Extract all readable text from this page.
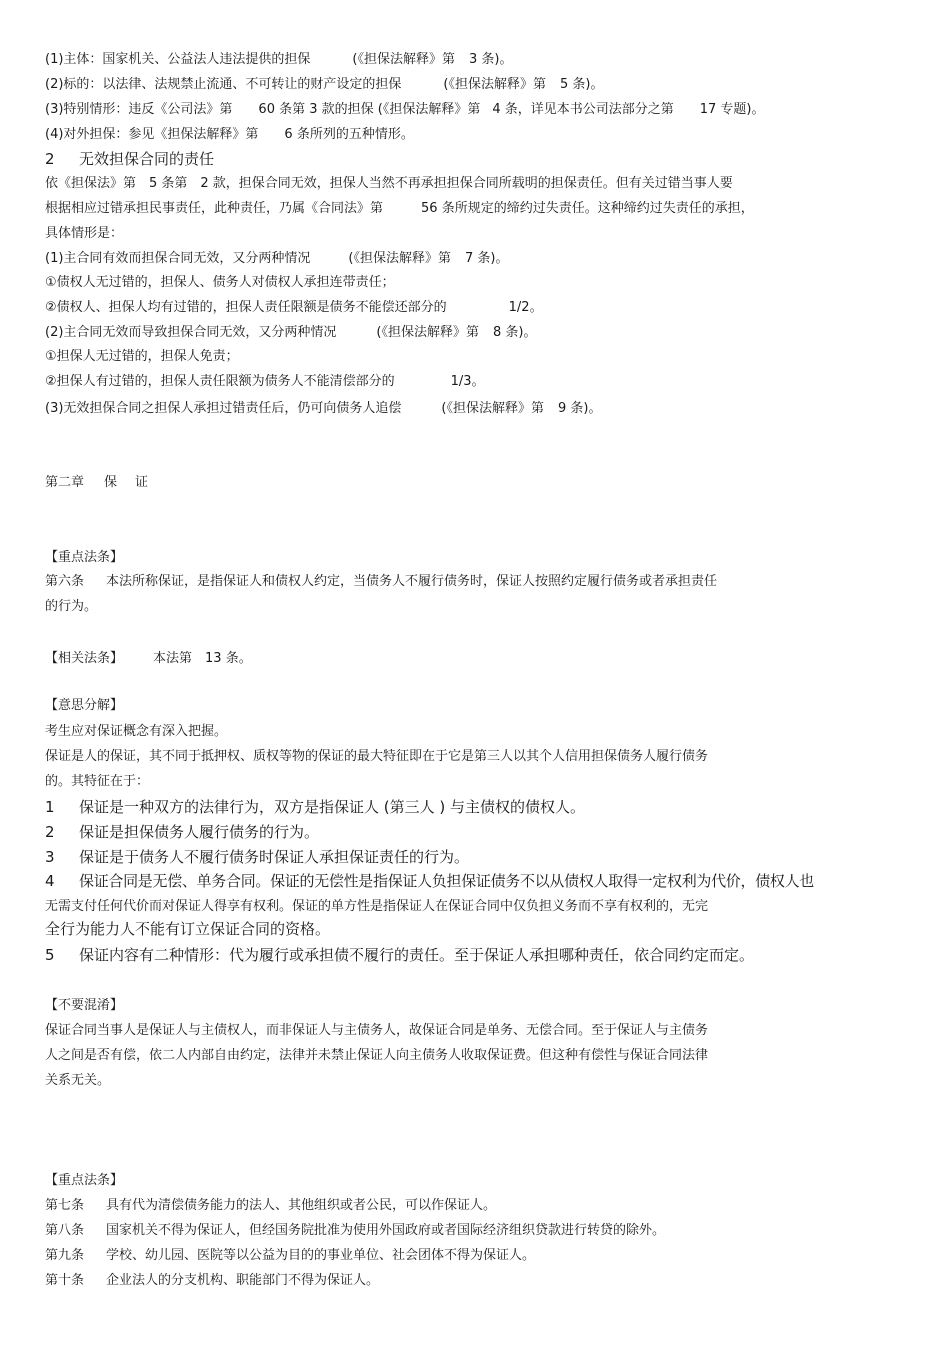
(1)主体：国家机关、公益法人违法提供的担保	(《担保法解释》第 3 条)。
(2)标的：以法律、法规禁止流通、不可转让的财产设定的担保	(《担保法解释》第 5 条)。
(3)特别情形：违反《公司法》第 60 条第 3 款的担保 (《担保法解释》第 4 条，详见本书公司法部分之第 17 专题)。
(4)对外担保：参见《担保法解释》第 6 条所列的五种情形。
2 无效担保合同的责任
依《担保法》第　5 条第　2 款，担保合同无效，担保人当然不再承担担保合同所载明的担保责任。但有关过错当事人要
根据相应过错承担民事责任，此种责任，乃属《合同法》第	56 条所规定的缔约过失责任。这种缔约过失责任的承担，
具体情形是：
(1)主合同有效而担保合同无效，又分两种情况	(《担保法解释》第 7 条)。
①债权人无过错的，担保人、债务人对债权人承担连带责任；
②债权人、担保人均有过错的，担保人责任限额是债务不能偿还部分的	1/2。
(2)主合同无效而导致担保合同无效，又分两种情况	(《担保法解释》第 8 条)。
①担保人无过错的，担保人免责；
②担保人有过错的，担保人责任限额为债务人不能清偿部分的	1/3。
(3)无效担保合同之担保人承担过错责任后，仍可向债务人追偿	(《担保法解释》第 9 条)。
第二章 保 证
【重点法条】
第六条 本法所称保证，是指保证人和债权人约定，当债务人不履行债务时，保证人按照约定履行债务或者承担责任
的行为。
【相关法条】 本法第　13 条。
【意思分解】
考生应对保证概念有深入把握。
保证是人的保证，其不同于抵押权、质权等物的保证的最大特征即在于它是第三人以其个人信用担保债务人履行债务
的。其特征在于：
1 保证是一种双方的法律行为，双方是指保证人 (第三人 ) 与主债权的债权人。
2 保证是担保债务人履行债务的行为。
3 保证是于债务人不履行债务时保证人承担保证责任的行为。
4 保证合同是无偿、单务合同。保证的无偿性是指保证人负担保证债务不以从债权人取得一定权利为代价，债权人也
无需支付任何代价而对保证人得享有权利。保证的单方性是指保证人在保证合同中仅负担义务而不享有权利的，无完
全行为能力人不能有订立保证合同的资格。
5 保证内容有二种情形：代为履行或承担债不履行的责任。至于保证人承担哪种责任，依合同约定而定。
【不要混淆】
保证合同当事人是保证人与主债权人，而非保证人与主债务人，故保证合同是单务、无偿合同。至于保证人与主债务
人之间是否有偿，依二人内部自由约定，法律并未禁止保证人向主债务人收取保证费。但这种有偿性与保证合同法律
关系无关。
【重点法条】
第七条 具有代为清偿债务能力的法人、其他组织或者公民，可以作保证人。
第八条 国家机关不得为保证人，但经国务院批准为使用外国政府或者国际经济组织贷款进行转贷的除外。
第九条 学校、幼儿园、医院等以公益为目的的事业单位、社会团体不得为保证人。
第十条 企业法人的分支机构、职能部门不得为保证人。
